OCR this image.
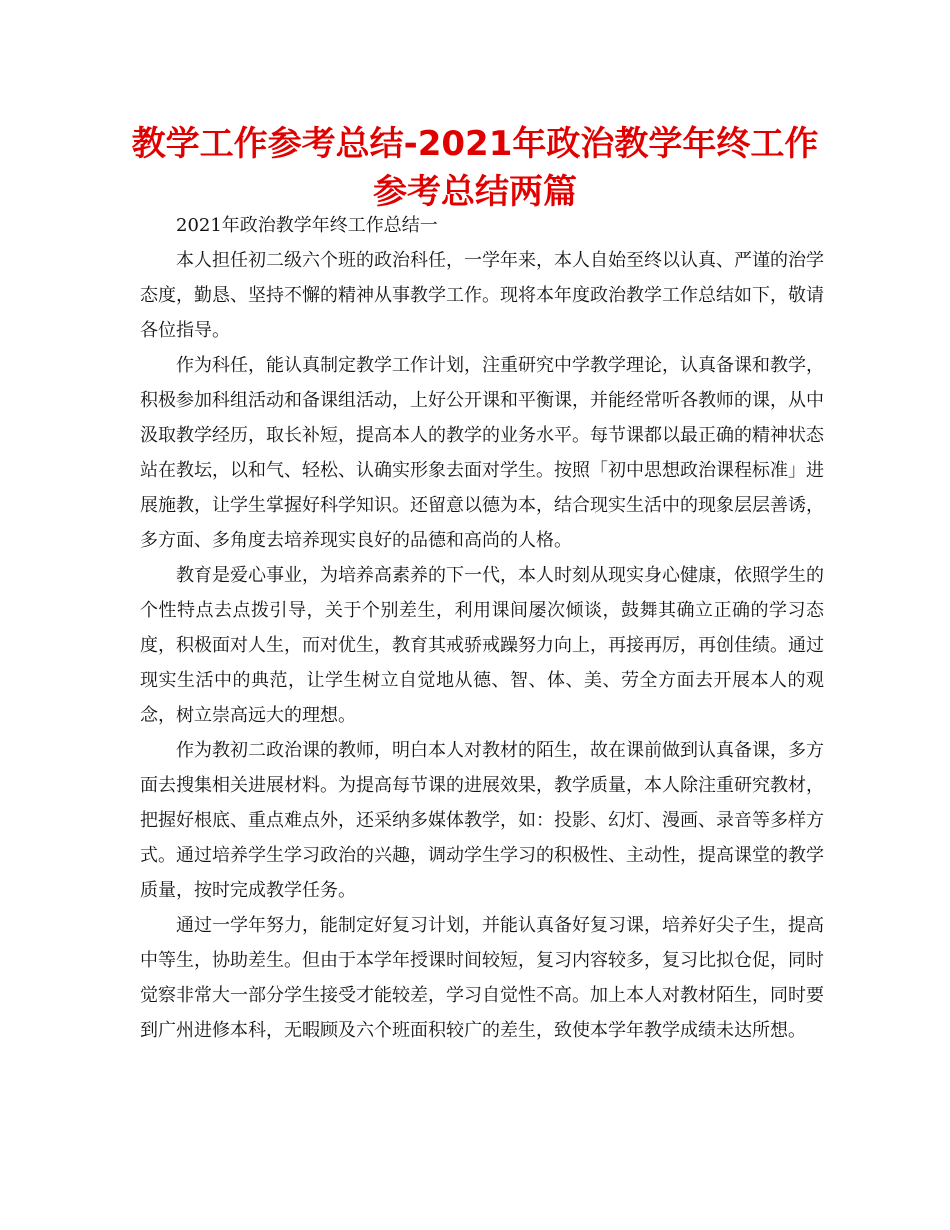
教学工作参考总结-2021年政治教学年终工作参考总结两篇

2021年政治教学年终工作总结一

本人担任初二级六个班的政治科任，一学年来，本人自始至终以认真、严谨的治学态度，勤恳、坚持不懈的精神从事教学工作。现将本年度政治教学工作总结如下，敬请各位指导。

作为科任，能认真制定教学工作计划，注重研究中学教学理论，认真备课和教学，积极参加科组活动和备课组活动，上好公开课和平衡课，并能经常听各教师的课，从中汲取教学经历，取长补短，提高本人的教学的业务水平。每节课都以最正确的精神状态站在教坛，以和气、轻松、认确实形象去面对学生。按照「初中思想政治课程标准」进展施教，让学生掌握好科学知识。还留意以德为本，结合现实生活中的现象层层善诱，多方面、多角度去培养现实良好的品德和高尚的人格。

教育是爱心事业，为培养高素养的下一代，本人时刻从现实身心健康，依照学生的个性特点去点拨引导，关于个别差生，利用课间屡次倾谈，鼓舞其确立正确的学习态度，积极面对人生，而对优生，教育其戒骄戒躁努力向上，再接再厉，再创佳绩。通过现实生活中的典范，让学生树立自觉地从德、智、体、美、劳全方面去开展本人的观念，树立崇高远大的理想。

作为教初二政治课的教师，明白本人对教材的陌生，故在课前做到认真备课，多方面去搜集相关进展材料。为提高每节课的进展效果，教学质量，本人除注重研究教材，把握好根底、重点难点外，还采纳多媒体教学，如：投影、幻灯、漫画、录音等多样方式。通过培养学生学习政治的兴趣，调动学生学习的积极性、主动性，提高课堂的教学质量，按时完成教学任务。

通过一学年努力，能制定好复习计划，并能认真备好复习课，培养好尖子生，提高中等生，协助差生。但由于本学年授课时间较短，复习内容较多，复习比拟仓促，同时觉察非常大一部分学生接受才能较差，学习自觉性不高。加上本人对教材陌生，同时要到广州进修本科，无暇顾及六个班面积较广的差生，致使本学年教学成绩未达所想。
